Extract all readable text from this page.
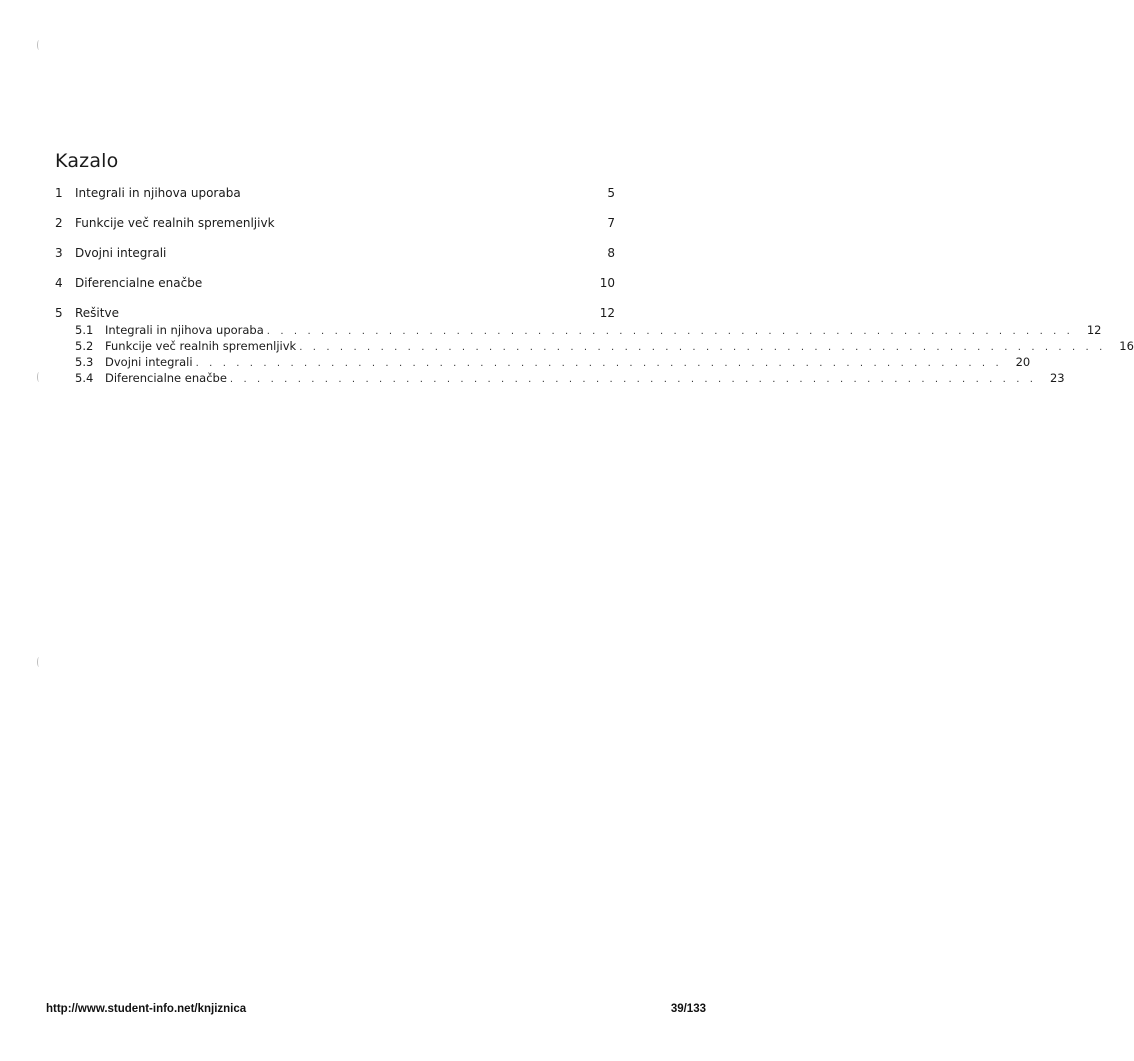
Kazalo
1	Integrali in njihova uporaba	5
2	Funkcije več realnih spremenljivk	7
3	Dvojni integrali	8
4	Diferencialne enačbe	10
5	Rešitve	12
5.1	Integrali in njihova uporaba . . . . . . . . . . . . . . . . . . . . . . . . . . . . . . . . . . . . . . . . . . . . . . . . . . . . . . . . . . . .	12
5.2	Funkcije več realnih spremenljivk . . . . . . . . . . . . . . . . . . . . . . . . . . . . . . . . . . . . . . . . . . . . . . . . . . . . . . . . . . . .	16
5.3	Dvojni integrali . . . . . . . . . . . . . . . . . . . . . . . . . . . . . . . . . . . . . . . . . . . . . . . . . . . . . . . . . . . .	20
5.4	Diferencialne enačbe . . . . . . . . . . . . . . . . . . . . . . . . . . . . . . . . . . . . . . . . . . . . . . . . . . . . . . . . . . . .	23
http://www.student-info.net/knjiznica	39/133
